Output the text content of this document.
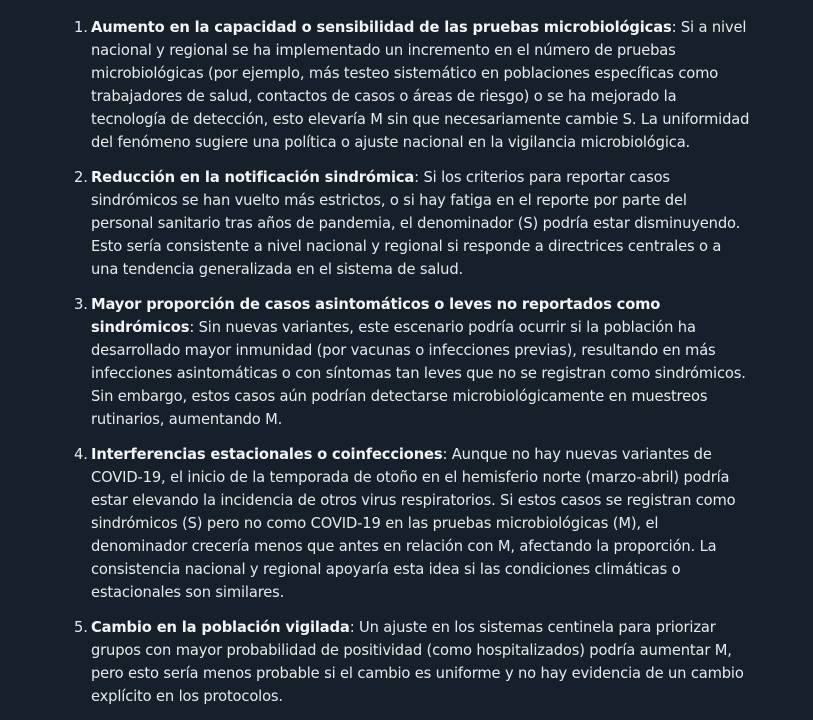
1. Aumento en la capacidad o sensibilidad de las pruebas microbiológicas: Si a nivel nacional y regional se ha implementado un incremento en el número de pruebas microbiológicas (por ejemplo, más testeo sistemático en poblaciones específicas como trabajadores de salud, contactos de casos o áreas de riesgo) o se ha mejorado la tecnología de detección, esto elevaría M sin que necesariamente cambie S. La uniformidad del fenómeno sugiere una política o ajuste nacional en la vigilancia microbiológica.
2. Reducción en la notificación sindrómica: Si los criterios para reportar casos sindrómicos se han vuelto más estrictos, o si hay fatiga en el reporte por parte del personal sanitario tras años de pandemia, el denominador (S) podría estar disminuyendo. Esto sería consistente a nivel nacional y regional si responde a directrices centrales o a una tendencia generalizada en el sistema de salud.
3. Mayor proporción de casos asintomáticos o leves no reportados como sindrómicos: Sin nuevas variantes, este escenario podría ocurrir si la población ha desarrollado mayor inmunidad (por vacunas o infecciones previas), resultando en más infecciones asintomáticas o con síntomas tan leves que no se registran como sindrómicos. Sin embargo, estos casos aún podrían detectarse microbiológicamente en muestreos rutinarios, aumentando M.
4. Interferencias estacionales o coinfecciones: Aunque no hay nuevas variantes de COVID-19, el inicio de la temporada de otoño en el hemisferio norte (marzo-abril) podría estar elevando la incidencia de otros virus respiratorios. Si estos casos se registran como sindrómicos (S) pero no como COVID-19 en las pruebas microbiológicas (M), el denominador crecería menos que antes en relación con M, afectando la proporción. La consistencia nacional y regional apoyaría esta idea si las condiciones climáticas o estacionales son similares.
5. Cambio en la población vigilada: Un ajuste en los sistemas centinela para priorizar grupos con mayor probabilidad de positividad (como hospitalizados) podría aumentar M, pero esto sería menos probable si el cambio es uniforme y no hay evidencia de un cambio explícito en los protocolos.
